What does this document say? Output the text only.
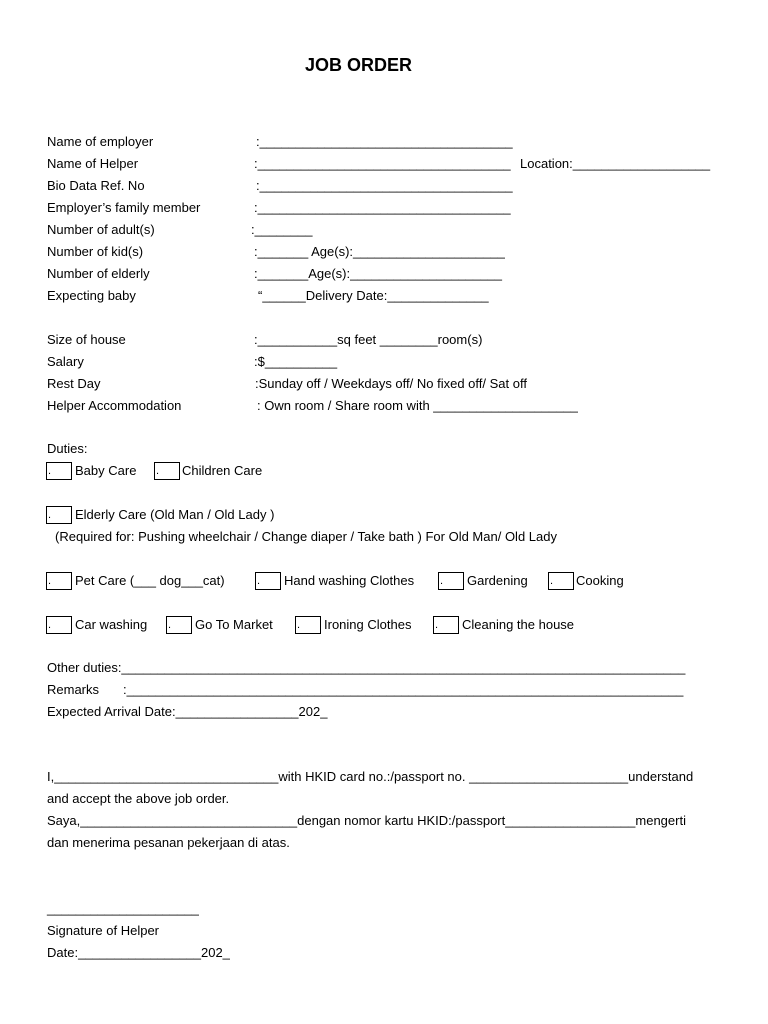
JOB ORDER
Name of employer	:___________________________________
Name of Helper	:___________________________________ Location:___________________
Bio Data Ref. No	:___________________________________
Employer’s family member	:___________________________________
Number of adult(s)	:________
Number of kid(s)	:_______ Age(s):_____________________
Number of elderly	:_______Age(s):_____________________
Expecting baby	“______Delivery Date:______________
Size of house	:___________sq feet ________room(s)
Salary	:$__________
Rest Day	:Sunday off / Weekdays off/ No fixed off/ Sat off
Helper Accommodation	: Own room / Share room with ____________________
Duties:
.	Baby Care .	Children Care
.	Elderly Care (Old Man / Old Lady )
(Required for: Pushing wheelchair / Change diaper / Take bath ) For Old Man/ Old Lady
.	Pet Care (___ dog___cat)	.	Hand washing Clothes .	Gardening .	Cooking
.	Car washing .	Go To Market .	Ironing Clothes .	Cleaning the house
Other duties:______________________________________________________________________________
Remarks :_____________________________________________________________________________
Expected Arrival Date:_________________202_
I,_______________________________with HKID card no.:/passport no. ______________________understand
and accept the above job order.
Saya,______________________________dengan nomor kartu HKID:/passport__________________mengerti
dan menerima pesanan pekerjaan di atas.
_____________________
Signature of Helper
Date:_________________202_
